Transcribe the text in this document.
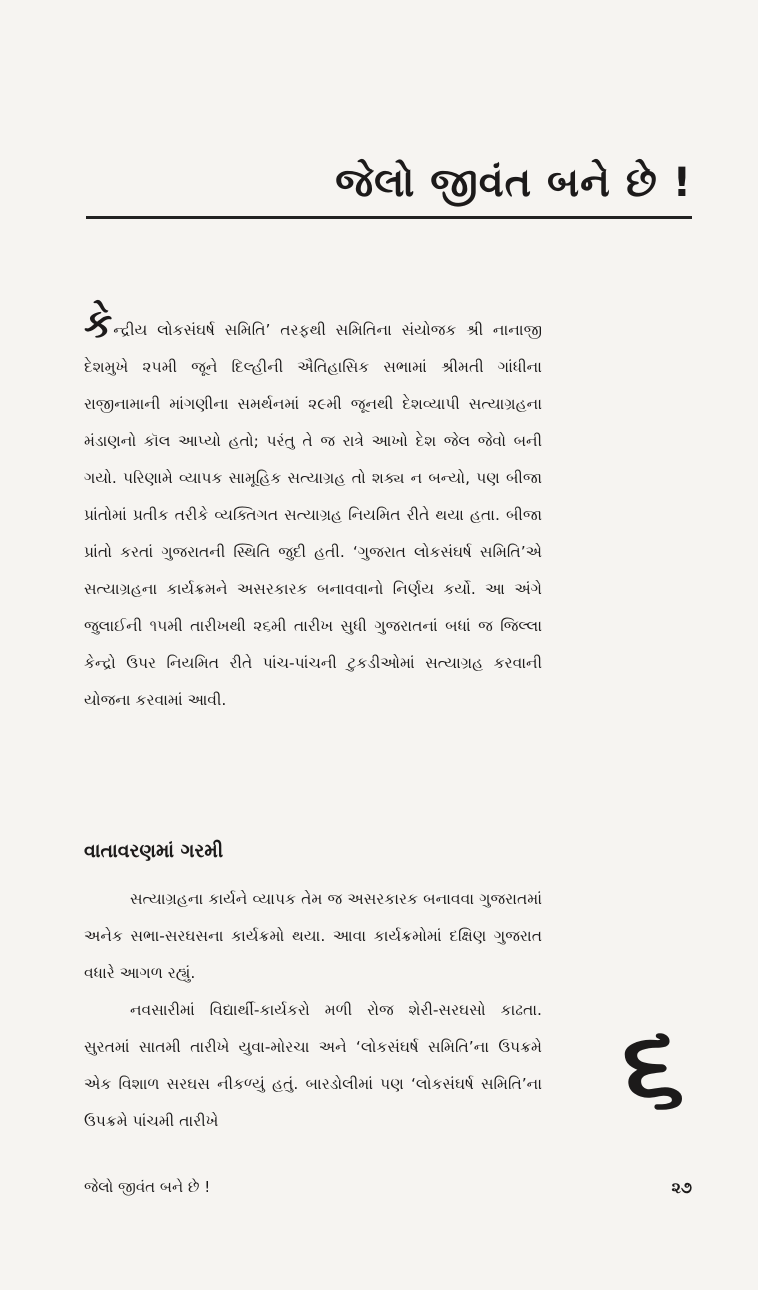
જેલો જીવંત બને છે !

કેન્દ્રીય લોકસંઘર્ષ સમિતિ’ તરફથી સમિતિના સંયોજક શ્રી નાનાજી દેશમુખે ૨૫મી જૂને દિલ્હીની ઐતિહાસિક સભામાં શ્રીમતી ગાંધીના રાજીનામાની માંગણીના સમર્થનમાં ૨૯મી જૂનથી દેશવ્યાપી સત્યાગ્રહના મંડાણનો કૉલ આપ્યો હતો; પરંતુ તે જ રાત્રે આખો દેશ જેલ જેવો બની ગયો. પરિણામે વ્યાપક સામૂહિક સત્યાગ્રહ તો શક્ય ન બન્યો, પણ બીજા પ્રાંતોમાં પ્રતીક તરીકે વ્યક્તિગત સત્યાગ્રહ નિયમિત રીતે થયા હતા. બીજા પ્રાંતો કરતાં ગુજરાતની સ્થિતિ જુદી હતી. ‘ગુજરાત લોકસંઘર્ષ સમિતિ’એ સત્યાગ્રહના કાર્યક્રમને અસરકારક બનાવવાનો નિર્ણય કર્યો. આ અંગે જુલાઈની ૧૫મી તારીખથી ૨૬મી તારીખ સુધી ગુજરાતનાં બધાં જ જિલ્લા કેન્દ્રો ઉપર નિયમિત રીતે પાંચ-પાંચની ટુકડીઓમાં સત્યાગ્રહ કરવાની યોજના કરવામાં આવી.

વાતાવરણમાં ગરમી

સત્યાગ્રહના કાર્યને વ્યાપક તેમ જ અસરકારક બનાવવા ગુજરાતમાં અનેક સભા-સરઘસના કાર્યક્રમો થયા. આવા કાર્યક્રમોમાં દક્ષિણ ગુજરાત વધારે આગળ રહ્યું.

નવસારીમાં વિદ્યાર્થી-કાર્યકરો મળી રોજ શેરી-સરઘસો કાઢતા. સુરતમાં સાતમી તારીખે યુવા-મોરચા અને ‘લોકસંઘર્ષ સમિતિ’ના ઉપક્રમે એક વિશાળ સરઘસ નીકળ્યું હતું. બારડોલીમાં પણ ‘લોકસંઘર્ષ સમિતિ’ના ઉપક્રમે પાંચમી તારીખે	૬
જેલો જીવંત બને છે !	૨૭
